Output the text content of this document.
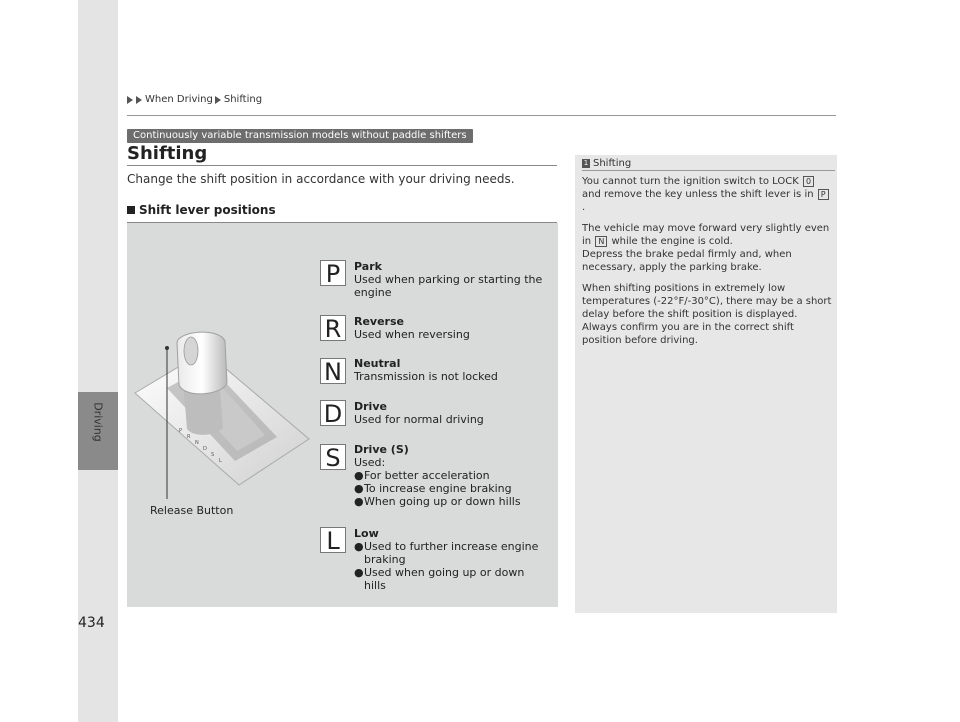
Driving
434
When Driving Shifting
Continuously variable transmission models without paddle shifters
Shifting
Change the shift position in accordance with your driving needs.
Shift lever positions
P
R
N
D
S
L
Release Button
P	Park
Used when parking or starting the
engine
R	Reverse
Used when reversing
N	Neutral
Transmission is not locked
D	Drive
Used for normal driving
S	Drive (S)
Used:
● For better acceleration
● To increase engine braking
● When going up or down hills
L	Low
● Used to further increase engine braking
● Used when going up or down hills
1 Shifting

You cannot turn the ignition switch to LOCK 0 and remove the key unless the shift lever is in P.

The vehicle may move forward very slightly even in N while the engine is cold.

Depress the brake pedal firmly and, when necessary, apply the parking brake.

When shifting positions in extremely low temperatures (-22°F/-30°C), there may be a short delay before the shift position is displayed. Always confirm you are in the correct shift position before driving.
